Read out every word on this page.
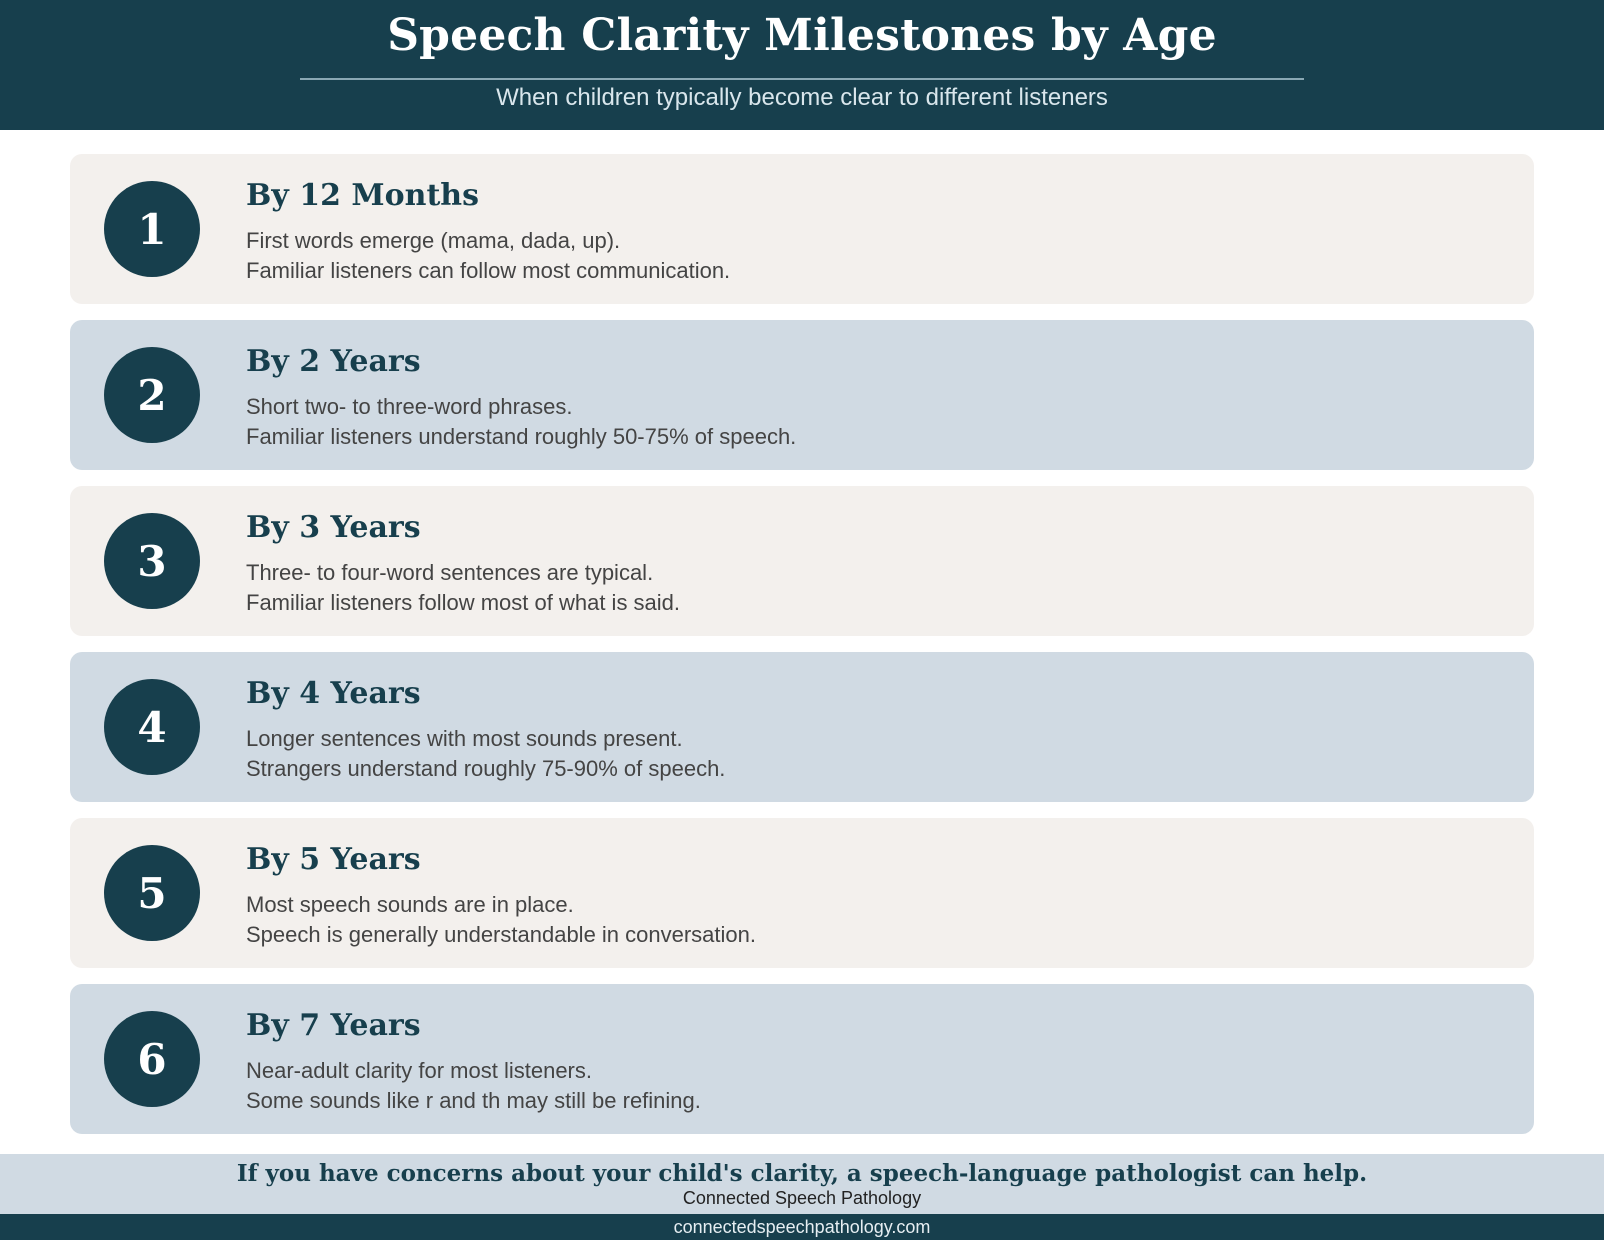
Speech Clarity Milestones by Age
When children typically become clear to different listeners
1
By 12 Months
First words emerge (mama, dada, up).
Familiar listeners can follow most communication.
2
By 2 Years
Short two- to three-word phrases.
Familiar listeners understand roughly 50-75% of speech.
3
By 3 Years
Three- to four-word sentences are typical.
Familiar listeners follow most of what is said.
4
By 4 Years
Longer sentences with most sounds present.
Strangers understand roughly 75-90% of speech.
5
By 5 Years
Most speech sounds are in place.
Speech is generally understandable in conversation.
6
By 7 Years
Near-adult clarity for most listeners.
Some sounds like r and th may still be refining.
If you have concerns about your child's clarity, a speech-language pathologist can help.
Connected Speech Pathology
connectedspeechpathology.com
